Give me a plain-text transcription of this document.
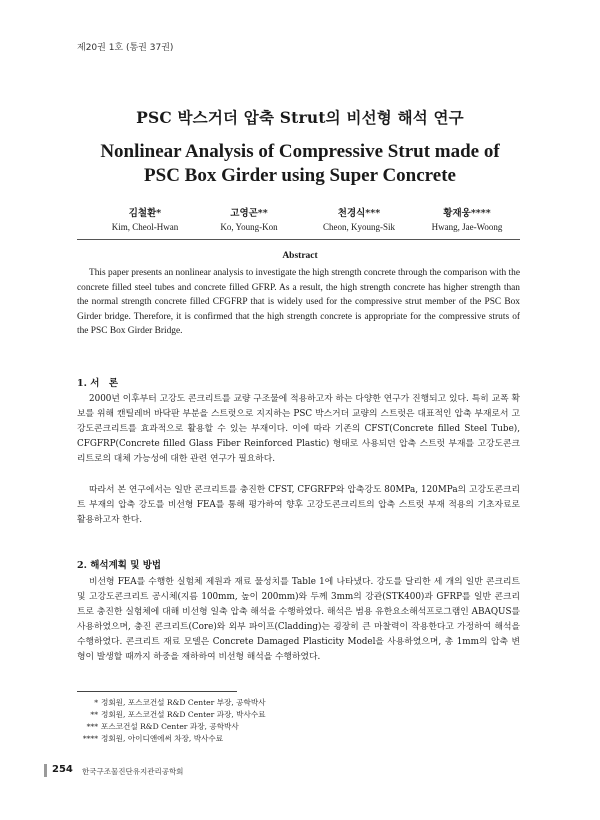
제20권 1호 (통권 37권)
PSC 박스거더 압축 Strut의 비선형 해석 연구
Nonlinear Analysis of Compressive Strut made of
PSC Box Girder using Super Concrete
김철환*
Kim, Cheol-Hwan
고영곤**
Ko, Young-Kon
천경식***
Cheon, Kyoung-Sik
황재웅****
Hwang, Jae-Woong
Abstract

This paper presents an nonlinear analysis to investigate the high strength concrete through the comparison with the concrete filled steel tubes and concrete filled GFRP. As a result, the high strength concrete has higher strength than the normal strength concrete filled CFGFRP that is widely used for the compressive strut member of the PSC Box Girder bridge. Therefore, it is confirmed that the high strength concrete is appropriate for the compressive struts of the PSC Box Girder Bridge.

1. 서　론

2000년 이후부터 고강도 콘크리트를 교량 구조물에 적용하고자 하는 다양한 연구가 진행되고 있다. 특히 교폭 확보를 위해 캔틸레버 바닥판 부분을 스트럿으로 지지하는 PSC 박스거더 교량의 스트럿은 대표적인 압축 부재로서 고강도콘크리트를 효과적으로 활용할 수 있는 부재이다. 이에 따라 기존의 CFST(Concrete filled Steel Tube), CFGFRP(Concrete filled Glass Fiber Reinforced Plastic) 형태로 사용되던 압축 스트럿 부재를 고강도콘크리트로의 대체 가능성에 대한 관련 연구가 필요하다.

따라서 본 연구에서는 일반 콘크리트를 충진한 CFST, CFGRFP와 압축강도 80MPa, 120MPa의 고강도콘크리트 부재의 압축 강도를 비선형 FEA를 통해 평가하여 향후 고강도콘크리트의 압축 스트럿 부재 적용의 기초자료로 활용하고자 한다.

2. 해석계획 및 방법

비선형 FEA를 수행한 실험체 제원과 재료 물성치를 Table 1에 나타냈다. 강도를 달리한 세 개의 일반 콘크리트 및 고강도콘크리트 공시체(지름 100mm, 높이 200mm)와 두께 3mm의 강관(STK400)과 GFRP를 일반 콘크리트로 충진한 실험체에 대해 비선형 일축 압축 해석을 수행하였다. 해석은 범용 유한요소해석프로그램인 ABAQUS를 사용하였으며, 충진 콘크리트(Core)와 외부 파이프(Cladding)는 굉장히 큰 마찰력이 작용한다고 가정하여 해석을 수행하였다. 콘크리트 재료 모델은 Concrete Damaged Plasticity Model을 사용하였으며, 총 1mm의 압축 변형이 발생할 때까지 하중을 재하하여 비선형 해석을 수행하였다.

* 정회원, 포스코건설 R&D Center 부장, 공학박사
** 정회원, 포스코건설 R&D Center 과장, 박사수료
*** 포스코건설 R&D Center 과장, 공학박사
**** 정회원, 아이디앤에써 차장, 박사수료
254 한국구조물진단유지관리공학회
